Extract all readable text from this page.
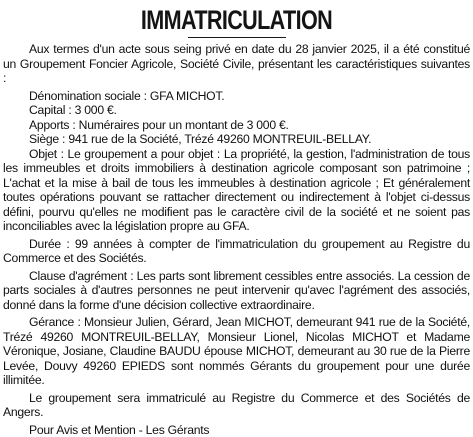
IMMATRICULATION

Aux termes d'un acte sous seing privé en date du 28 janvier 2025, il a été constitué un Groupement Foncier Agricole, Société Civile, présentant les caractéristiques suivantes :

Dénomination sociale : GFA MICHOT.

Capital : 3 000 €.

Apports : Numéraires pour un montant de 3 000 €.

Siège : 941 rue de la Société, Trézé 49260 MONTREUIL-BELLAY.

Objet : Le groupement a pour objet : La propriété, la gestion, l'administration de tous les immeubles et droits immobiliers à destination agricole composant son patrimoine ; L'achat et la mise à bail de tous les immeubles à destination agricole ; Et généralement toutes opérations pouvant se rattacher directement ou indirectement à l'objet ci-dessus défini, pourvu qu'elles ne modifient pas le caractère civil de la société et ne soient pas inconciliables avec la législation propre au GFA.

Durée : 99 années à compter de l'immatriculation du groupement au Registre du Commerce et des Sociétés.

Clause d'agrément : Les parts sont librement cessibles entre associés. La cession de parts sociales à d'autres personnes ne peut intervenir qu'avec l'agrément des associés, donné dans la forme d'une décision collective extraordinaire.

Gérance : Monsieur Julien, Gérard, Jean MICHOT, demeurant 941 rue de la Société, Trézé 49260 MONTREUIL-BELLAY, Monsieur Lionel, Nicolas MICHOT et Madame Véronique, Josiane, Claudine BAUDU épouse MICHOT, demeurant au 30 rue de la Pierre Levée, Douvy 49260 EPIEDS sont nommés Gérants du groupement pour une durée illimitée.

Le groupement sera immatriculé au Registre du Commerce et des Sociétés de Angers.

Pour Avis et Mention - Les Gérants
